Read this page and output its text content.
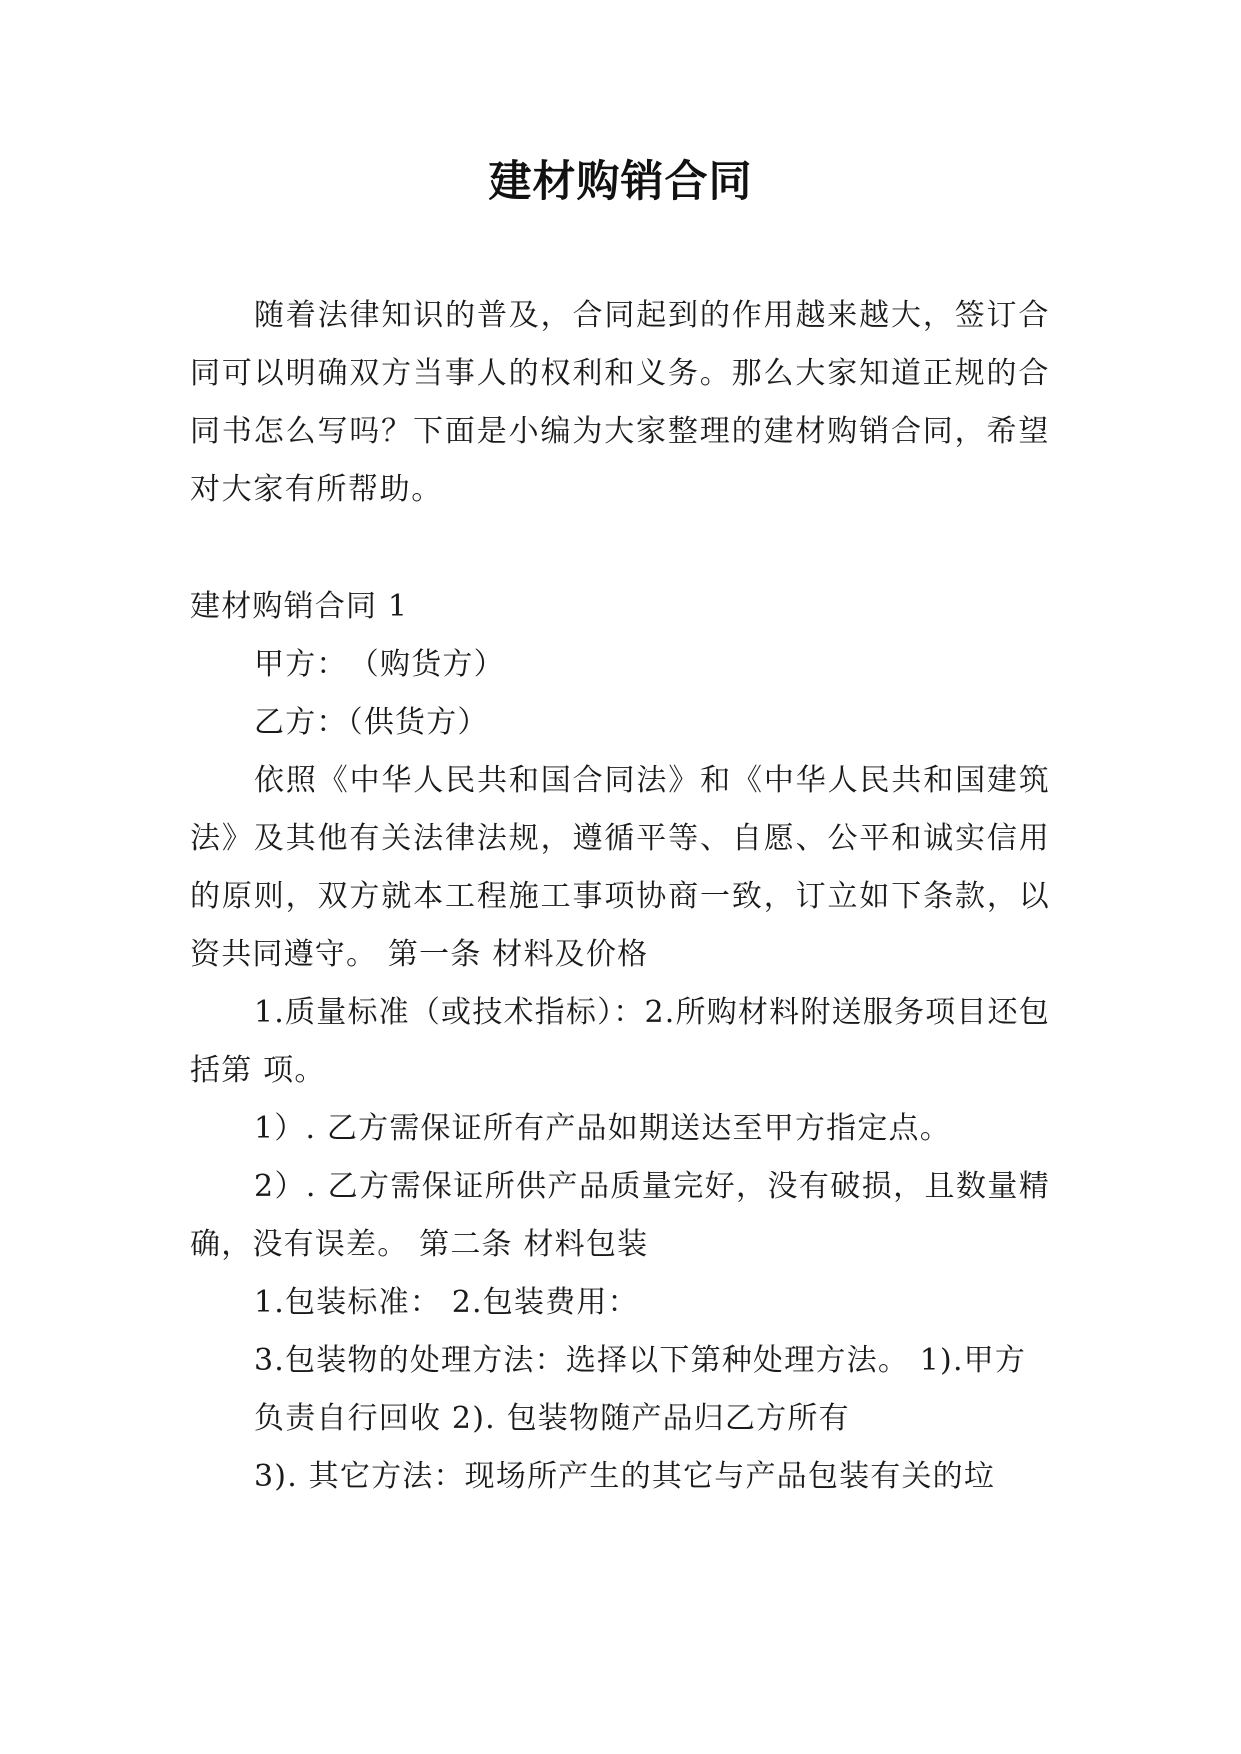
建材购销合同

随着法律知识的普及，合同起到的作用越来越大，签订合同可以明确双方当事人的权利和义务。那么大家知道正规的合同书怎么写吗？下面是小编为大家整理的建材购销合同，希望对大家有所帮助。

建材购销合同 1

甲方：　（购货方）

乙方：（供货方）

依照《中华人民共和国合同法》和《中华人民共和国建筑法》及其他有关法律法规，遵循平等、自愿、公平和诚实信用的原则，双方就本工程施工事项协商一致，订立如下条款，以资共同遵守。 第一条 材料及价格

1.质量标准（或技术指标）：2.所购材料附送服务项目还包括第 项。

1）. 乙方需保证所有产品如期送达至甲方指定点。

2）. 乙方需保证所供产品质量完好，没有破损，且数量精确，没有误差。 第二条 材料包装

1.包装标准： 2.包装费用：

3.包装物的处理方法：选择以下第种处理方法。 1).甲方

负责自行回收 2). 包装物随产品归乙方所有

3). 其它方法：现场所产生的其它与产品包装有关的垃
